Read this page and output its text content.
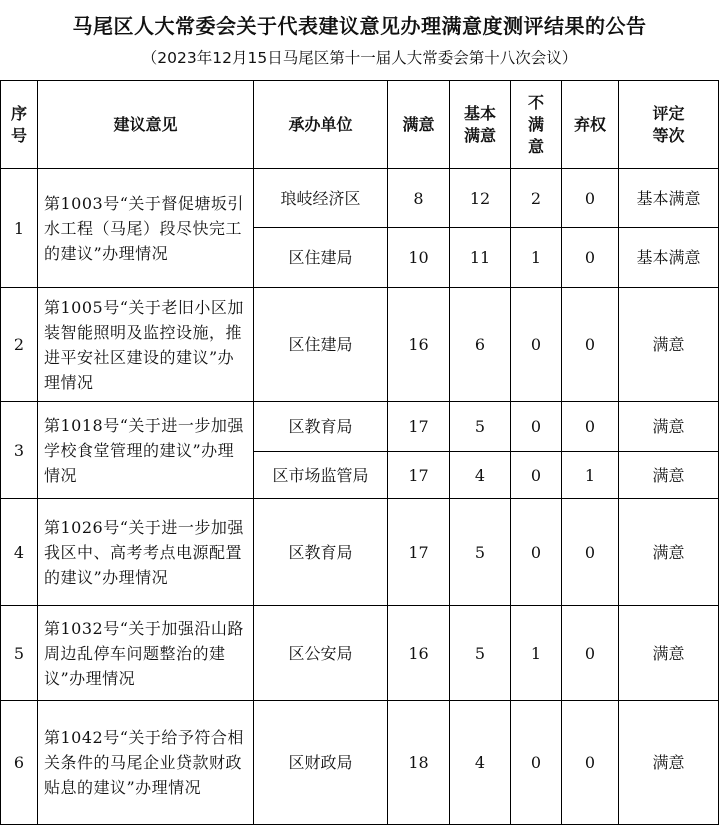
马尾区人大常委会关于代表建议意见办理满意度测评结果的公告
（2023年12月15日马尾区第十一届人大常委会第十八次会议）
序号	建议意见	承办单位	满意	基本满意	不满意	弃权	评定等次

1	第1003号“关于督促塘坂引水工程（马尾）段尽快完工的建议”办理情况	琅岐经济区	8	12	2	0	基本满意
		区住建局	10	11	1	0	基本满意
2	第1005号“关于老旧小区加装智能照明及监控设施，推进平安社区建设的建议”办理情况	区住建局	16	6	0	0	满意
3	第1018号“关于进一步加强学校食堂管理的建议”办理情况	区教育局	17	5	0	0	满意
		区市场监管局	17	4	0	1	满意
4	第1026号“关于进一步加强我区中、高考考点电源配置的建议”办理情况	区教育局	17	5	0	0	满意
5	第1032号“关于加强沿山路周边乱停车问题整治的建议”办理情况	区公安局	16	5	1	0	满意
6	第1042号“关于给予符合相关条件的马尾企业贷款财政贴息的建议”办理情况	区财政局	18	4	0	0	满意
